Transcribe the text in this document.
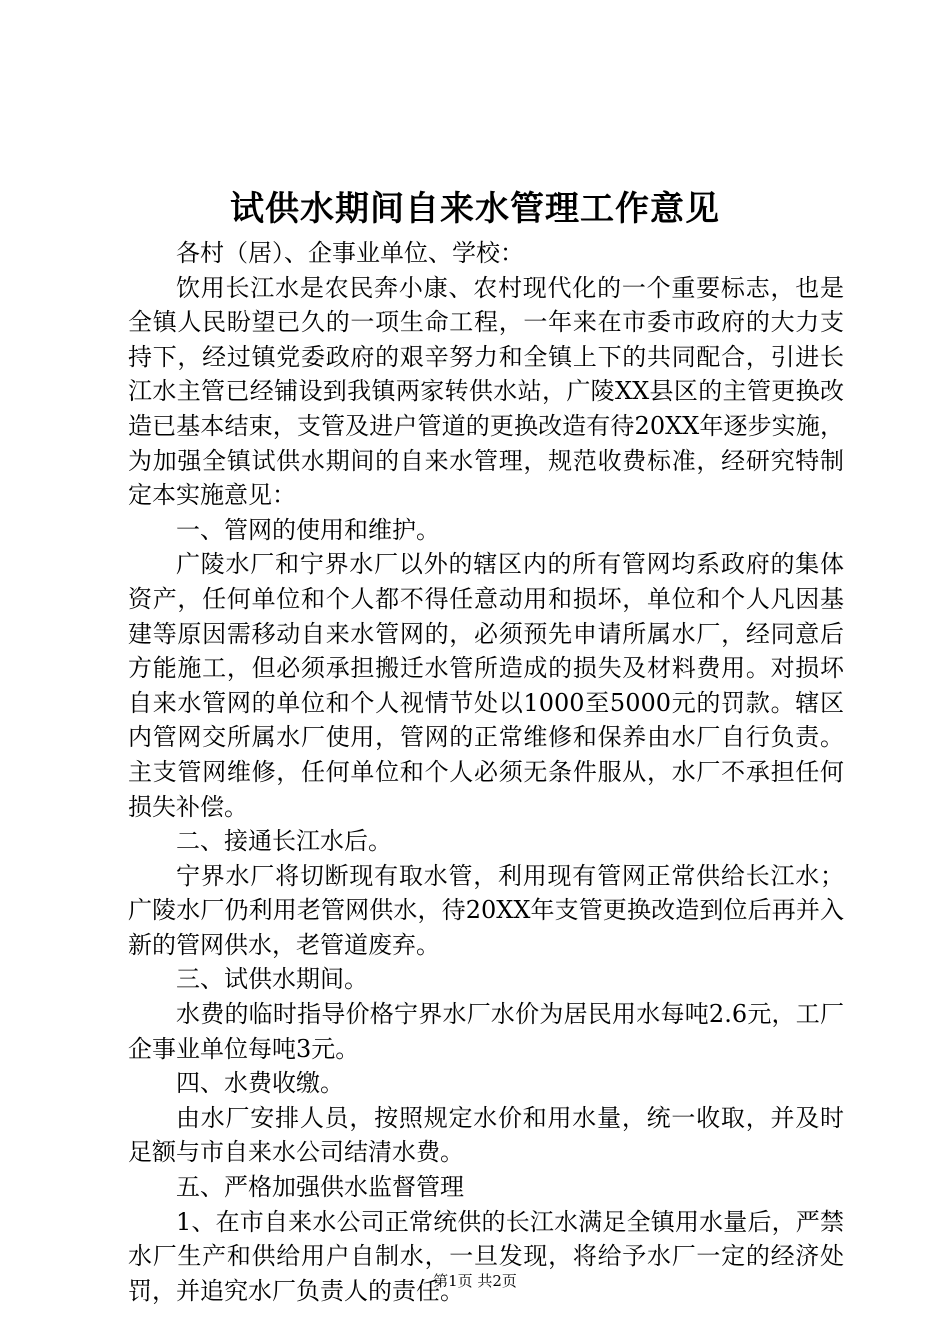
试供水期间自来水管理工作意见

各村（居）、企事业单位、学校：

饮用长江水是农民奔小康、农村现代化的一个重要标志，也是全镇人民盼望已久的一项生命工程，一年来在市委市政府的大力支持下，经过镇党委政府的艰辛努力和全镇上下的共同配合，引进长江水主管已经铺设到我镇两家转供水站，广陵XX县区的主管更换改造已基本结束，支管及进户管道的更换改造有待20XX年逐步实施，为加强全镇试供水期间的自来水管理，规范收费标准，经研究特制定本实施意见：

一、管网的使用和维护。

广陵水厂和宁界水厂以外的辖区内的所有管网均系政府的集体资产，任何单位和个人都不得任意动用和损坏，单位和个人凡因基建等原因需移动自来水管网的，必须预先申请所属水厂，经同意后方能施工，但必须承担搬迁水管所造成的损失及材料费用。对损坏自来水管网的单位和个人视情节处以1000至5000元的罚款。辖区内管网交所属水厂使用，管网的正常维修和保养由水厂自行负责。主支管网维修，任何单位和个人必须无条件服从，水厂不承担任何损失补偿。

二、接通长江水后。

宁界水厂将切断现有取水管，利用现有管网正常供给长江水；广陵水厂仍利用老管网供水，待20XX年支管更换改造到位后再并入新的管网供水，老管道废弃。

三、试供水期间。

水费的临时指导价格宁界水厂水价为居民用水每吨2.6元，工厂企事业单位每吨3元。

四、水费收缴。

由水厂安排人员，按照规定水价和用水量，统一收取，并及时足额与市自来水公司结清水费。

五、严格加强供水监督管理

1、在市自来水公司正常统供的长江水满足全镇用水量后，严禁水厂生产和供给用户自制水，一旦发现，将给予水厂一定的经济处罚，并追究水厂负责人的责任。

第1页 共2页
